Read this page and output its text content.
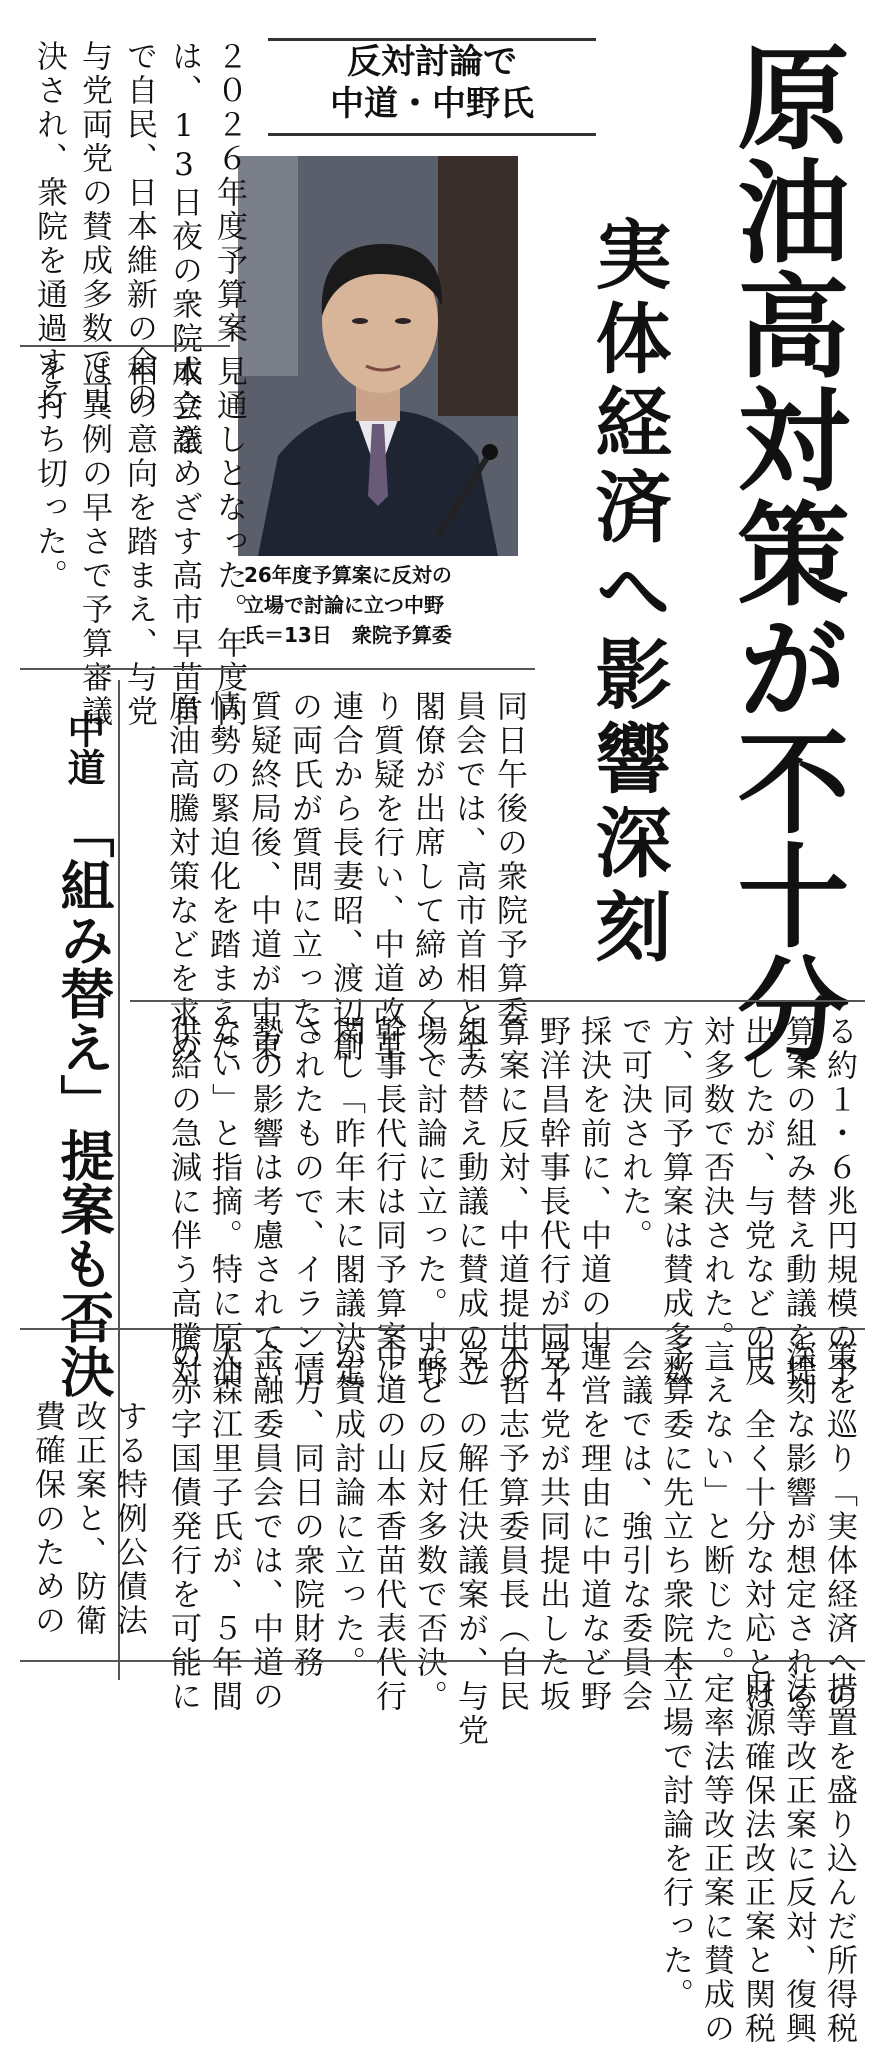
反対討論で
中道・中野氏	原油高対策が不十分
実体経済へ影響深刻
26年度予算案に反対の
立場で討論に立つ中野
氏＝13日　衆院予算委
２０２６年度予算案
は、13日夜の衆院本会議
で自民、日本維新の会の
与党両党の賛成多数で可
決され、衆院を通過する
見通しとなった。年度内
成立をめざす高市早苗首
相の意向を踏まえ、与党
は異例の早さで予算審議
を打ち切った。
中道「組み替え」提案も否決	同日午後の衆院予算委
員会では、高市首相と全
閣僚が出席して締めくく
り質疑を行い、中道改革
連合から長妻昭、渡辺創
の両氏が質問に立った。
質疑終局後、中道が中東
情勢の緊迫化を踏まえた
原油高騰対策などを求め
る約１・６兆円規模の予
算案の組み替え動議を提
出したが、与党などの反
対多数で否決された。一
方、同予算案は賛成多数
で可決された。
採決を前に、中道の中
野洋昌幹事長代行が同予
算案に反対、中道提出の
組み替え動議に賛成の立
場で討論に立った。中野
幹事長代行は同予算案に
関し「昨年末に閣議決定
されたもので、イラン情
勢の影響は考慮されてい
ない」と指摘。特に原油
供給の急減に伴う高騰対
策を巡り「実体経済への
深刻な影響が想定される
中、全く十分な対応とは
言えない」と断じた。
予算委に先立ち衆院本
会議では、強引な委員会
運営を理由に中道など野
党４党が共同提出した坂
本哲志予算委員長（自民
党）の解任決議案が、与党
などの反対多数で否決。
中道の山本香苗代表代行
が賛成討論に立った。
一方、同日の衆院財務
金融委員会では、中道の
大森江里子氏が、５年間
の赤字国債発行を可能に
する特例公債法
改正案と、防衛
費確保のための
措置を盛り込んだ所得税
法等改正案に反対、復興
財源確保法改正案と関税
定率法等改正案に賛成の
立場で討論を行った。
